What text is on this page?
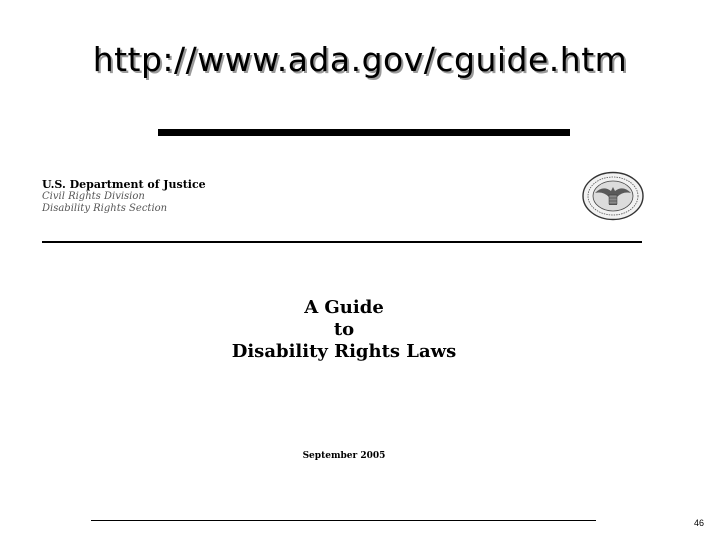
http://www.ada.gov/cguide.htm
U.S. Department of Justice
Civil Rights Division
Disability Rights Section
A Guide
to
Disability Rights Laws
September 2005
46
